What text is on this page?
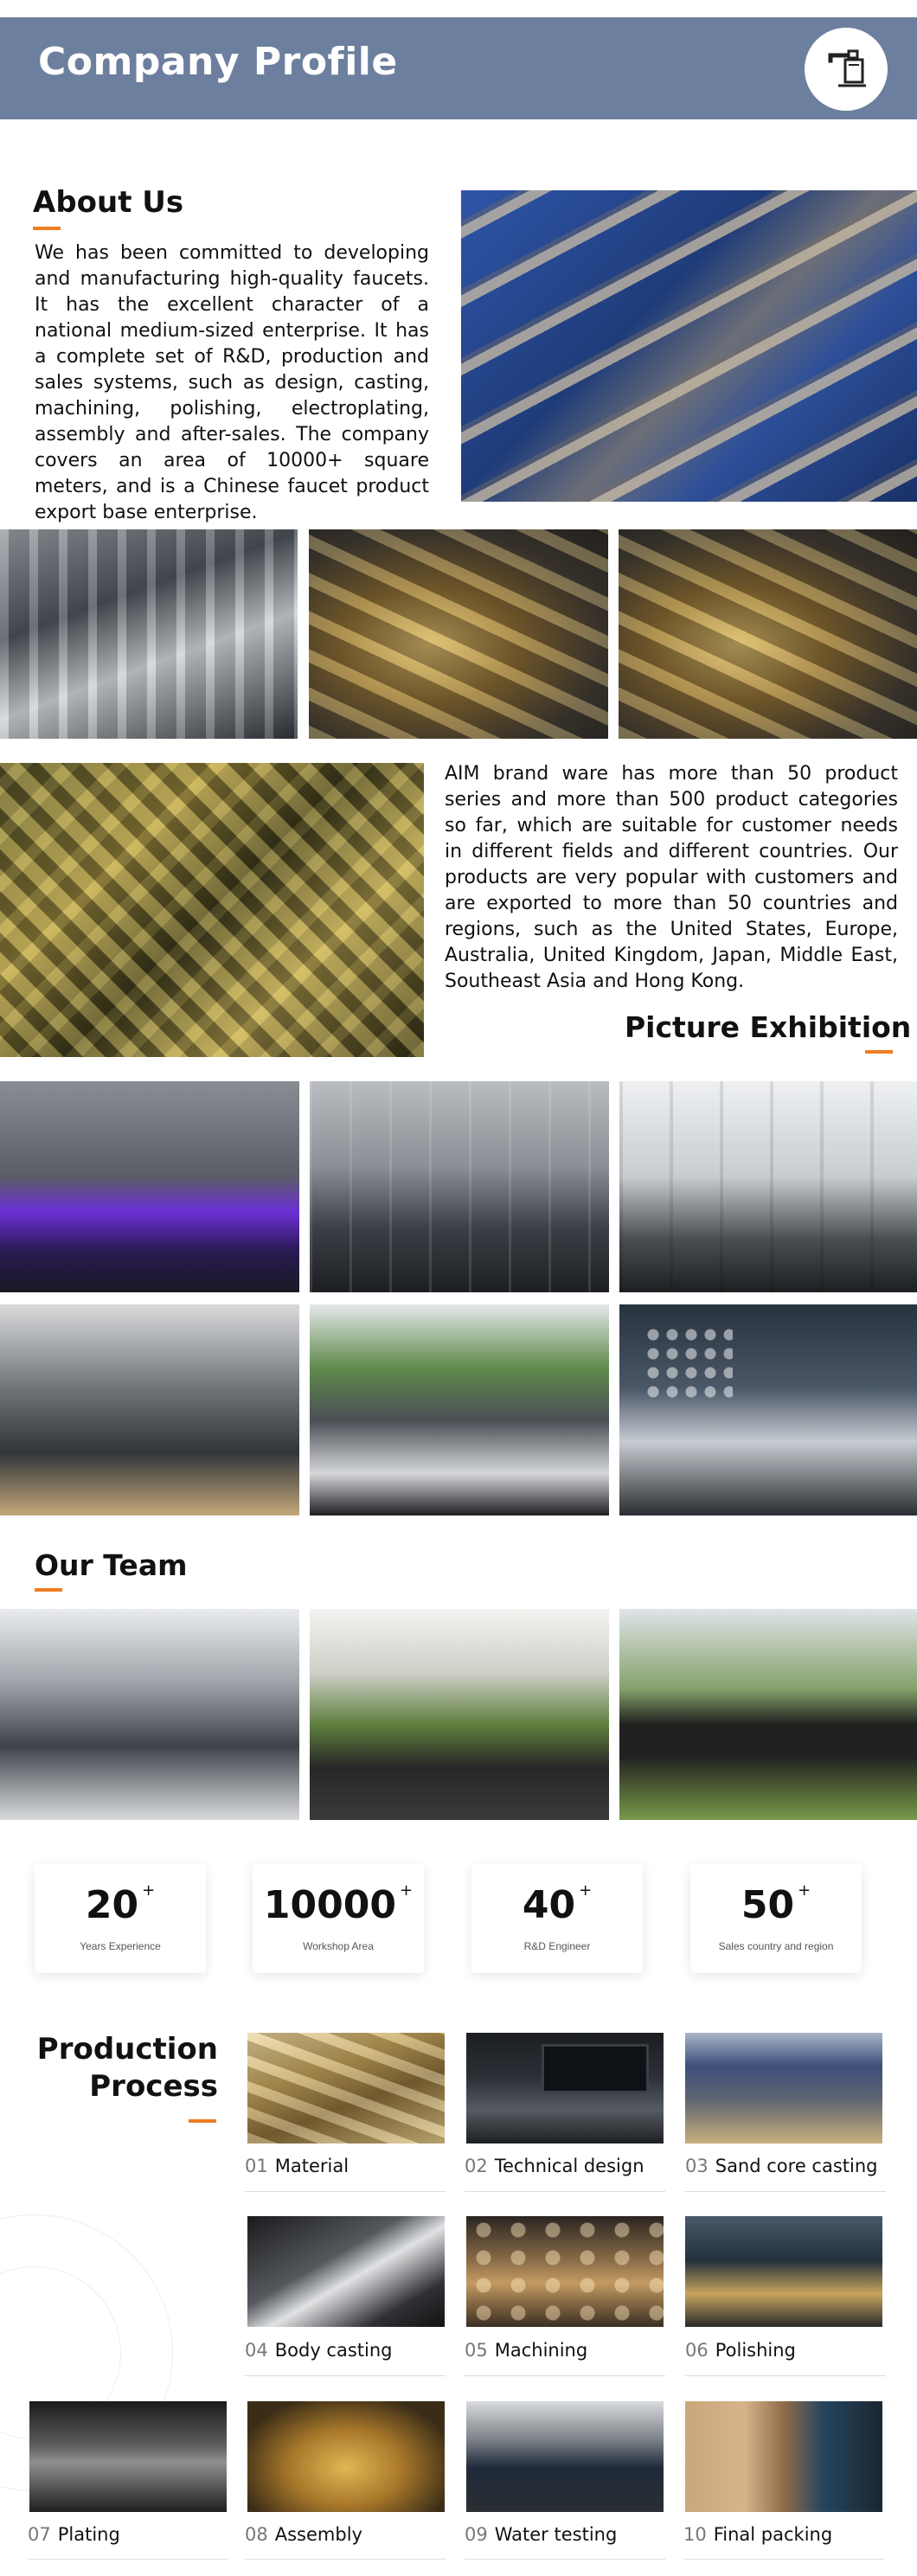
Company Profile
About Us
We has been committed to developing and manufacturing high-quality faucets. It has the excellent character of a national medium-sized enterprise. It has a complete set of R&D, production and sales systems, such as design, casting, machining, polishing, electroplating, assembly and after-sales. The company covers an area of 10000+ square meters, and is a Chinese faucet product export base enterprise.
AIM brand ware has more than 50 product series and more than 500 product categories so far, which are suitable for customer needs in different fields and different countries. Our products are very popular with customers and are exported to more than 50 countries and regions, such as the United States, Europe, Australia, United Kingdom, Japan, Middle East, Southeast Asia and Hong Kong.
Picture Exhibition
Our Team
20 +
Years Experience
10000 +
Workshop Area
40 +
R&D Engineer
50 +
Sales country and region
Production
Process
01 Material	02 Technical design 03 Sand core casting
04 Body casting	05 Machining	06 Polishing
07 Plating	08 Assembly	09 Water testing	10 Final packing
